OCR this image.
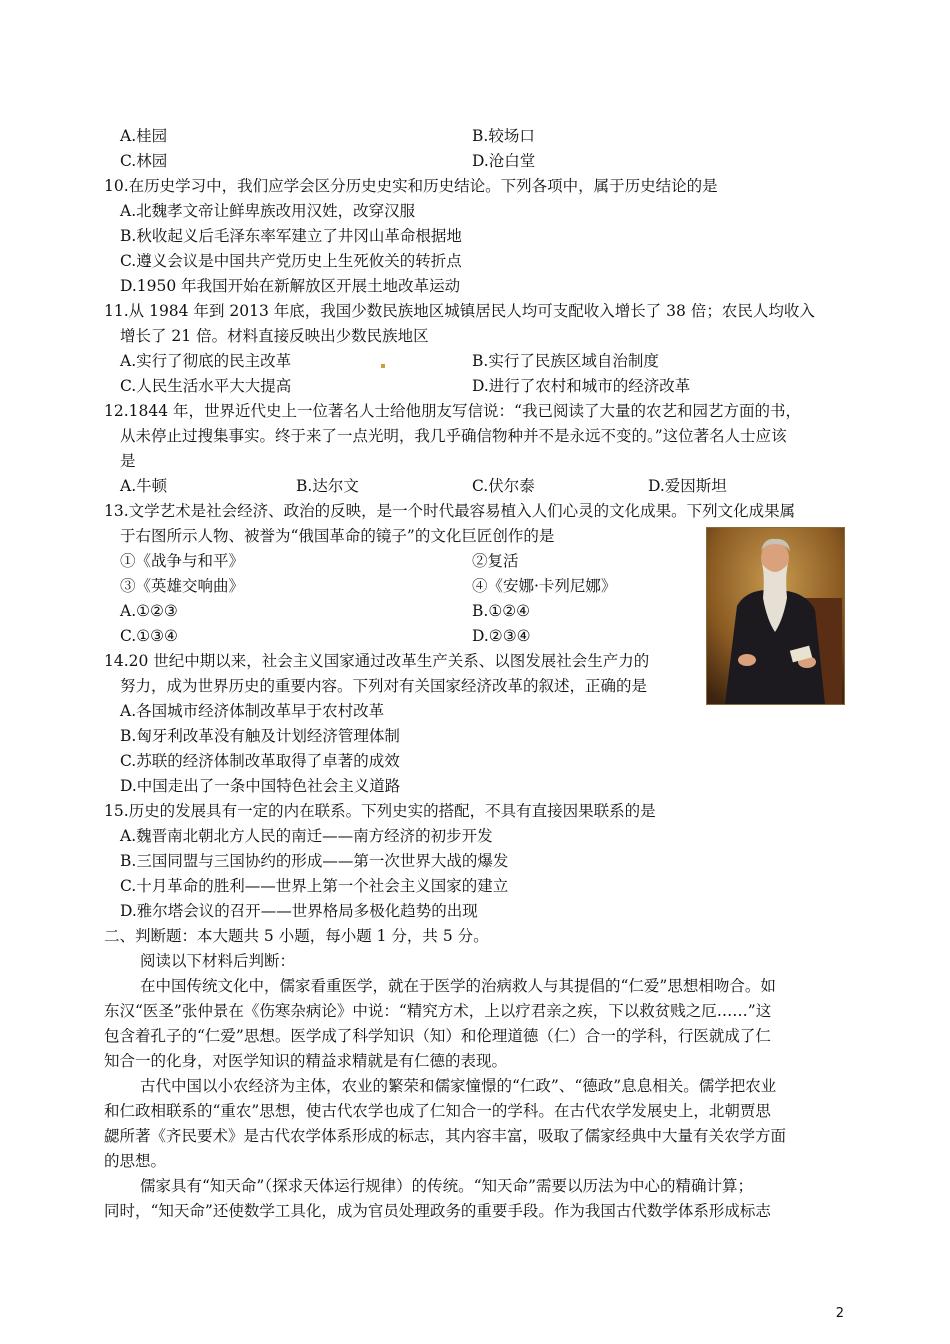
A.桂园	B.较场口
C.林园	D.沧白堂
10.在历史学习中，我们应学会区分历史史实和历史结论。下列各项中，属于历史结论的是
A.北魏孝文帝让鲜卑族改用汉姓，改穿汉服
B.秋收起义后毛泽东率军建立了井冈山革命根据地
C.遵义会议是中国共产党历史上生死攸关的转折点
D.1950 年我国开始在新解放区开展土地改革运动
11.从 1984 年到 2013 年底，我国少数民族地区城镇居民人均可支配收入增长了 38 倍；农民人均收入
增长了 21 倍。材料直接反映出少数民族地区
A.实行了彻底的民主改革	B.实行了民族区域自治制度
C.人民生活水平大大提高	D.进行了农村和城市的经济改革
12.1844 年，世界近代史上一位著名人士给他朋友写信说：“我已阅读了大量的农艺和园艺方面的书，
从未停止过搜集事实。终于来了一点光明，我几乎确信物种并不是永远不变的。”这位著名人士应该
是
A.牛顿	B.达尔文	C.伏尔泰	D.爱因斯坦
13.文学艺术是社会经济、政治的反映，是一个时代最容易植入人们心灵的文化成果。下列文化成果属
于右图所示人物、被誉为“俄国革命的镜子”的文化巨匠创作的是
①《战争与和平》	②复活
③《英雄交响曲》	④《安娜·卡列尼娜》
A.①②③	B.①②④
C.①③④	D.②③④
14.20 世纪中期以来，社会主义国家通过改革生产关系、以图发展社会生产力的
努力，成为世界历史的重要内容。下列对有关国家经济改革的叙述，正确的是
A.各国城市经济体制改革早于农村改革
B.匈牙利改革没有触及计划经济管理体制
C.苏联的经济体制改革取得了卓著的成效
D.中国走出了一条中国特色社会主义道路
15.历史的发展具有一定的内在联系。下列史实的搭配，不具有直接因果联系的是
A.魏晋南北朝北方人民的南迁——南方经济的初步开发
B.三国同盟与三国协约的形成——第一次世界大战的爆发
C.十月革命的胜利——世界上第一个社会主义国家的建立
D.雅尔塔会议的召开——世界格局多极化趋势的出现
二、判断题：本大题共 5 小题，每小题 1 分，共 5 分。
阅读以下材料后判断：
在中国传统文化中，儒家看重医学，就在于医学的治病救人与其提倡的“仁爱”思想相吻合。如
东汉“医圣”张仲景在《伤寒杂病论》中说：“精究方术，上以疗君亲之疾，下以救贫贱之厄……”这
包含着孔子的“仁爱”思想。医学成了科学知识（知）和伦理道德（仁）合一的学科，行医就成了仁
知合一的化身，对医学知识的精益求精就是有仁德的表现。
古代中国以小农经济为主体，农业的繁荣和儒家憧憬的“仁政”、“德政”息息相关。儒学把农业
和仁政相联系的“重农”思想，使古代农学也成了仁知合一的学科。在古代农学发展史上，北朝贾思
勰所著《齐民要术》是古代农学体系形成的标志，其内容丰富，吸取了儒家经典中大量有关农学方面
的思想。
儒家具有“知天命”（探求天体运行规律）的传统。“知天命”需要以历法为中心的精确计算；
同时，“知天命”还使数学工具化，成为官员处理政务的重要手段。作为我国古代数学体系形成标志
2
